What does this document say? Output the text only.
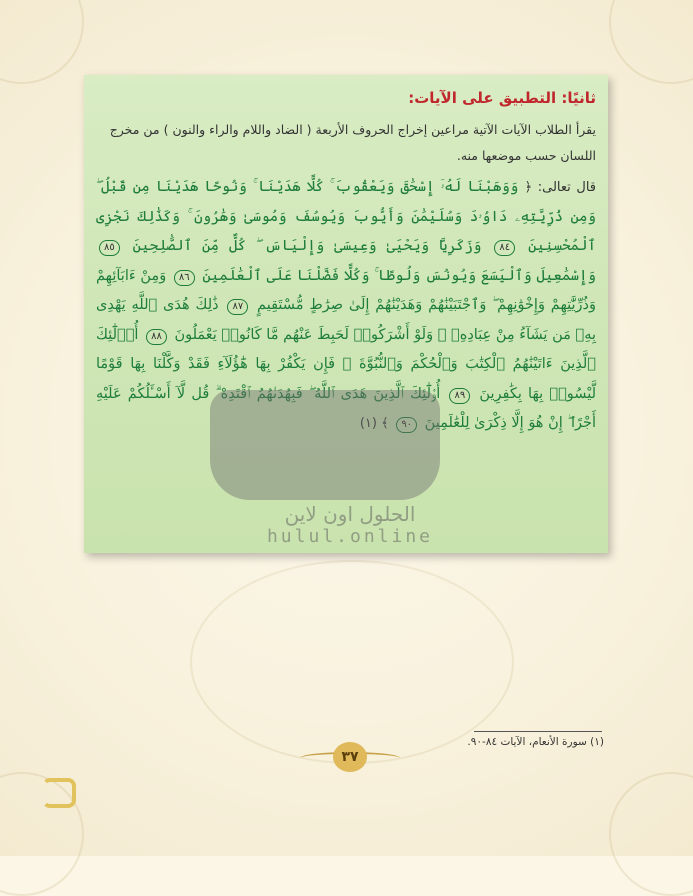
ثانيًا: التطبيق على الآيات:

يقرأ الطلاب الآيات الآتية مراعين إخراج الحروف الأربعة ( الضاد واللام والراء والنون ) من مخرج اللسان حسب موضعها منه.

قال تعالى: ﴿ وَوَهَبْنَا لَهُۥٓ إِسْحَٰقَ وَيَعْقُوبَ ۚ كُلًّا هَدَيْنَا ۚ وَنُوحًا هَدَيْنَا مِن قَبْلُ ۖ وَمِن ذُرِّيَّتِهِۦ دَاوُۥدَ وَسُلَيْمَٰنَ وَأَيُّوبَ وَيُوسُفَ وَمُوسَىٰ وَهَٰرُونَ ۚ وَكَذَٰلِكَ نَجْزِى ٱلْمُحْسِنِينَ ٨٤ وَزَكَرِيَّا وَيَحْيَىٰ وَعِيسَىٰ وَإِلْيَاسَ ۖ كُلٌّ مِّنَ ٱلصَّٰلِحِينَ ٨٥ وَإِسْمَٰعِيلَ وَٱلْيَسَعَ وَيُونُسَ وَلُوطًا ۚ وَكُلًّا فَضَّلْنَا عَلَى ٱلْعَٰلَمِينَ ٨٦ وَمِنْ ءَابَآئِهِمْ وَذُرِّيَّٰتِهِمْ وَإِخْوَٰنِهِمْ ۖ وَٱجْتَبَيْنَٰهُمْ وَهَدَيْنَٰهُمْ إِلَىٰ صِرَٰطٍ مُّسْتَقِيمٍ ٨٧ ذَٰلِكَ هُدَى ٱللَّهِ يَهْدِى بِهِۦ مَن يَشَآءُ مِنْ عِبَادِهِۦ ۚ وَلَوْ أَشْرَكُوا۟ لَحَبِطَ عَنْهُم مَّا كَانُوا۟ يَعْمَلُونَ ٨٨ أُو۟لَٰٓئِكَ ٱلَّذِينَ ءَاتَيْنَٰهُمُ ٱلْكِتَٰبَ وَٱلْحُكْمَ وَٱلنُّبُوَّةَ ۚ فَإِن يَكْفُرْ بِهَا هَٰٓؤُلَآءِ فَقَدْ وَكَّلْنَا بِهَا قَوْمًا لَّيْسُوا۟ بِهَا بِكَٰفِرِينَ ٨٩ أُو۟لَٰٓئِكَ ٱلَّذِينَ هَدَى ٱللَّهُ ۖ فَبِهُدَىٰهُمُ ٱقْتَدِهْ ۗ قُل لَّآ أَسْـَٔلُكُمْ عَلَيْهِ أَجْرًا ۖ إِنْ هُوَ إِلَّا ذِكْرَىٰ لِلْعَٰلَمِينَ ٩٠ ﴾ (١)

الحلول اون لاين
hulul.online
(١) سورة الأنعام، الآيات ٨٤-٩٠.
٣٧
